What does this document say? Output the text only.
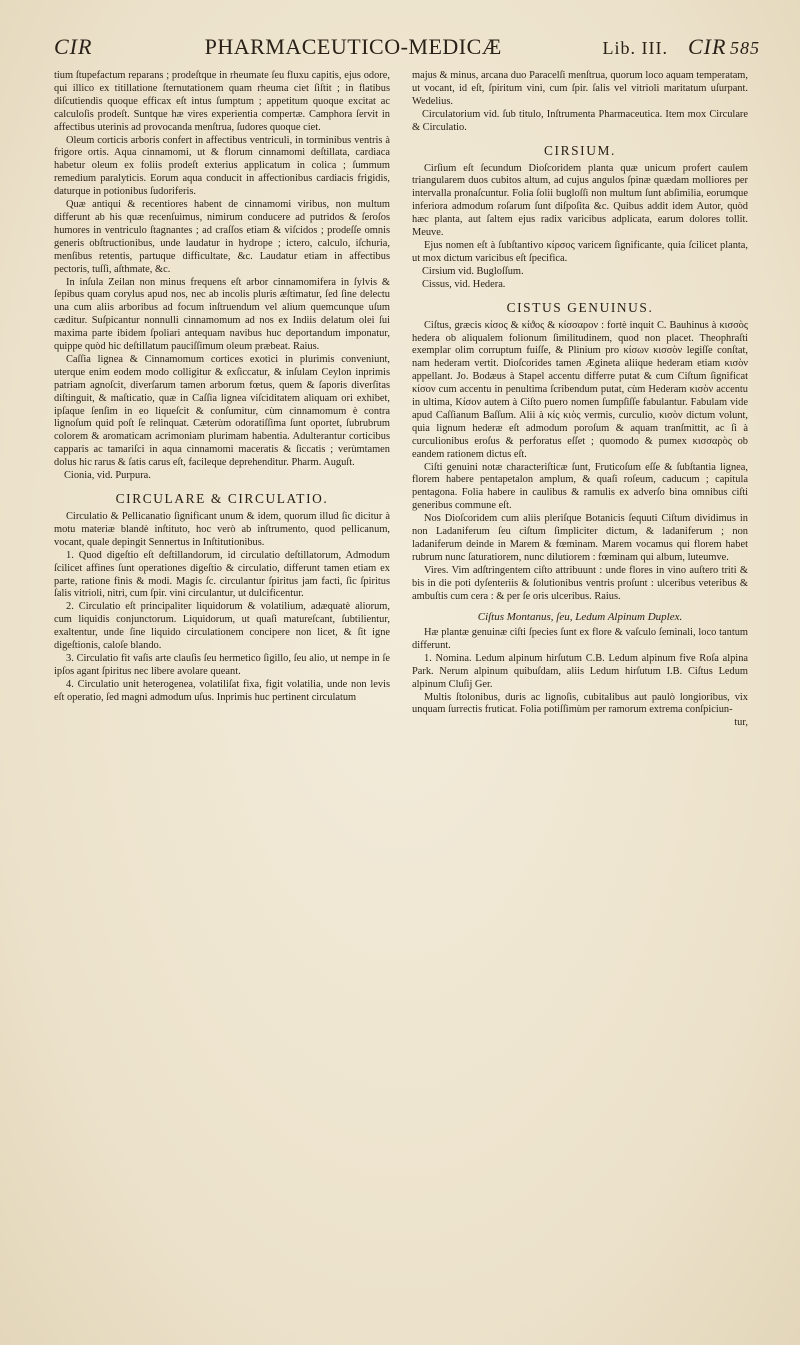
CIR	PHARMACEUTICO-MEDICÆ	Lib. III. CIR 585

tium ſtupefactum reparans ; prodeſtque in rheumate ſeu fluxu capitis, ejus odore, qui illico ex titillatione ſternutationem quam rheuma ciet ſiſtit ; in flatibus diſcutiendis quoque efficax eſt intus ſumptum ; appetitum quoque excitat ac calculoſis prodeſt. Suntque hæ vires experientia compertæ. Camphora ſervit in affectibus uterinis ad provocanda menſtrua, ſudores quoque ciet.

Oleum corticis arboris confert in affectibus ventriculi, in torminibus ventris à frigore ortis. Aqua cinnamomi, ut & florum cinnamomi deſtillata, cardiaca habetur oleum ex foliis prodeſt exterius applicatum in colica ; ſummum remedium paralyticis. Eorum aqua conducit in affectionibus cardiacis frigidis, daturque in potionibus ſudoriferis.

Quæ antiqui & recentiores habent de cinnamomi viribus, non multum differunt ab his quæ recenſuimus, nimirum conducere ad putridos & ſeroſos humores in ventriculo ſtagnantes ; ad craſſos etiam & viſcidos ; prodeſſe omnis generis obſtructionibus, unde laudatur in hydrope ; ictero, calculo, iſchuria, menſibus retentis, partuque difficultate, &c. Laudatur etiam in affectibus pectoris, tuſſi, aſthmate, &c.

In inſula Zeilan non minus frequens eſt arbor cinnamomifera in ſylvis & ſepibus quam corylus apud nos, nec ab incolis pluris æſtimatur, ſed ſine delectu una cum aliis arboribus ad focum inſtruendum vel alium quemcunque uſum cæditur. Suſpicantur nonnulli cinnamomum ad nos ex Indiis delatum olei ſui maxima parte ibidem ſpoliari antequam navibus huc deportandum imponatur, quippe quòd hic deſtillatum pauciſſimum oleum præbeat. Raius.

Caſſia lignea & Cinnamomum cortices exotici in plurimis conveniunt, uterque enim eodem modo colligitur & exſiccatur, & inſulam Ceylon inprimis patriam agnoſcit, diverſarum tamen arborum fœtus, quem & ſaporis diverſitas diſtinguit, & maſticatio, quæ in Caſſia lignea viſciditatem aliquam ori exhibet, ipſaque ſenſim in eo liqueſcit & conſumitur, cùm cinnamomum è contra lignoſum quid poſt ſe relinquat. Cæterùm odoratiſſima ſunt oportet, ſubrubrum colorem & aromaticam acrimoniam plurimam habentia. Adulterantur corticibus capparis ac tamariſci in aqua cinnamomi maceratis & ſiccatis ; verùmtamen dolus hic rarus & ſatis carus eſt, facileque deprehenditur. Pharm. Auguſt.

Cionia, vid. Purpura.

CIRCULARE & CIRCULATIO.

Circulatio & Pellicanatio ſignificant unum & idem, quorum illud ſic dicitur à motu materiæ blandè inſtituto, hoc verò ab inſtrumento, quod pellicanum, vocant, quale depingit Sennertus in Inſtitutionibus.

1. Quod digeſtio eſt deſtillandorum, id circulatio deſtillatorum, Admodum ſcilicet affines ſunt operationes digeſtio & circulatio, differunt tamen etiam ex parte, ratione finis & modi. Magis ſc. circulantur ſpiritus jam facti, ſic ſpiritus ſalis vitrioli, nitri, cum ſpir. vini circulantur, ut dulcificentur.

2. Circulatio eſt principaliter liquidorum & volatilium, adæquatè aliorum, cum liquidis conjunctorum. Liquidorum, ut quaſi matureſcant, ſubtilientur, exaltentur, unde ſine liquido circulationem concipere non licet, & ſit igne digeſtionis, caloſe blando.

3. Circulatio fit vaſis arte clauſis ſeu hermetico ſigillo, ſeu alio, ut nempe in ſe ipſos agant ſpiritus nec libere avolare queant.

4. Circulatio unit heterogenea, volatiliſat fixa, figit volatilia, unde non levis eſt operatio, ſed magni admodum uſus. Inprimis huc pertinent circulatum

majus & minus, arcana duo Paracelſi menſtrua, quorum loco aquam temperatam, ut vocant, id eſt, ſpiritum vini, cum ſpir. ſalis vel vitrioli maritatum uſurpant. Wedelius.

Circulatorium vid. ſub titulo, Inſtrumenta Pharmaceutica. Item mox Circulare & Circulatio.

CIRSIUM.

Cirſium eſt ſecundum Dioſcoridem planta quæ unicum profert caulem triangularem duos cubitos altum, ad cujus angulos ſpinæ quædam molliores per intervalla pronaſcuntur. Folia ſolii bugloſſi non multum ſunt abſimilia, eorumque inferiora admodum roſarum ſunt diſpoſita &c. Quibus addit idem Autor, quòd hæc planta, aut ſaltem ejus radix varicibus adplicata, earum dolores tollit. Meuve.

Ejus nomen eſt à ſubſtantivo κίρσος varicem ſignificante, quia ſcilicet planta, ut mox dictum varicibus eſt ſpecifica.

Cirsium vid. Bugloſſum.

Cissus, vid. Hedera.

CISTUS GENUINUS.

Ciſtus, græcis κίσος & κίϑος & κίσσαρον : fortè inquit C. Bauhinus à κισσὸς hedera ob aliqualem folionum ſimilitudinem, quod non placet. Theophraſti exemplar olim corruptum fuiſſe, & Plinium pro κίσων κισσὸν legiſſe conſtat, nam hederam vertit. Dioſcorides tamen Ægineta aliique hederam etiam κισὸν appellant. Jo. Bodæus à Stapel accentu differre putat & cum Ciſtum ſignificat κίσον cum accentu in penultima ſcribendum putat, cùm Hederam κισὸν accentu in ultima, Kίσον autem à Ciſto puero nomen ſumpſiſſe fabulantur. Fabulam vide apud Caſſianum Baſſum. Alii à κίς κιὸς vermis, curculio, κισὸν dictum volunt, quia lignum hederæ eſt admodum poroſum & aquam tranſmittit, ac ſi à curculionibus eroſus & perforatus eſſet ; quomodo & pumex κισσαρὸς ob eandem rationem dictus eſt.

Ciſti genuini notæ characteriſticæ ſunt, Fruticoſum eſſe & ſubſtantia lignea, florem habere pentapetalon amplum, & quaſi roſeum, caducum ; capitula pentagona. Folia habere in caulibus & ramulis ex adverſo bina omnibus ciſti generibus commune eſt.

Nos Dioſcoridem cum aliis pleriſque Botanicis ſequuti Ciſtum dividimus in non Ladaniferum ſeu ciſtum ſimpliciter dictum, & ladaniferum ; non ladaniferum deinde in Marem & fœminam. Marem vocamus qui florem habet rubrum nunc ſaturatiorem, nunc dilutiorem : fœminam qui album, luteumve.

Vires. Vim adſtringentem ciſto attribuunt : unde flores in vino auſtero triti & bis in die poti dyſenteriis & ſolutionibus ventris proſunt : ulceribus veteribus & ambuſtis cum cera : & per ſe oris ulceribus. Raius.

Ciſtus Montanus, ſeu, Ledum Alpinum Duplex.

Hæ plantæ genuinæ ciſti ſpecies ſunt ex flore & vaſculo ſeminali, loco tantum differunt.

1. Nomina. Ledum alpinum hirſutum C.B. Ledum alpinum five Roſa alpina Park. Nerum alpinum quibuſdam, aliis Ledum hirſutum I.B. Ciſtus Ledum alpinum Cluſij Ger.

Multis ſtolonibus, duris ac lignoſis, cubitalibus aut paulò longioribus, vix unquam ſurrectis fruticat. Folia potiſſimùm per ramorum extrema conſpiciun-

tur,
